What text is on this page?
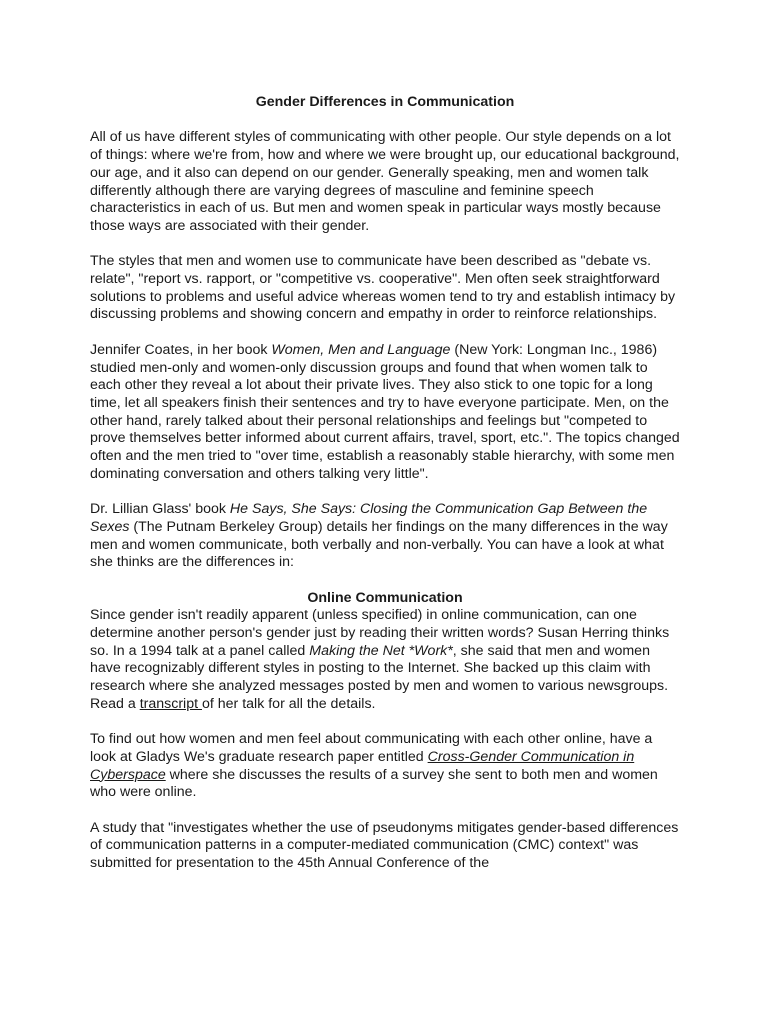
Gender Differences in Communication

All of us have different styles of communicating with other people. Our style depends on a lot of things: where we're from, how and where we were brought up, our educational background, our age, and it also can depend on our gender. Generally speaking, men and women talk differently although there are varying degrees of masculine and feminine speech characteristics in each of us. But men and women speak in particular ways mostly because those ways are associated with their gender.

The styles that men and women use to communicate have been described as "debate vs. relate", "report vs. rapport, or "competitive vs. cooperative". Men often seek straightforward solutions to problems and useful advice whereas women tend to try and establish intimacy by discussing problems and showing concern and empathy in order to reinforce relationships.

Jennifer Coates, in her book Women, Men and Language (New York: Longman Inc., 1986) studied men-only and women-only discussion groups and found that when women talk to each other they reveal a lot about their private lives. They also stick to one topic for a long time, let all speakers finish their sentences and try to have everyone participate. Men, on the other hand, rarely talked about their personal relationships and feelings but "competed to prove themselves better informed about current affairs, travel, sport, etc.". The topics changed often and the men tried to "over time, establish a reasonably stable hierarchy, with some men dominating conversation and others talking very little".

Dr. Lillian Glass' book He Says, She Says: Closing the Communication Gap Between the Sexes (The Putnam Berkeley Group) details her findings on the many differences in the way men and women communicate, both verbally and non-verbally. You can have a look at what she thinks are the differences in:

Online Communication

Since gender isn't readily apparent (unless specified) in online communication, can one determine another person's gender just by reading their written words? Susan Herring thinks so. In a 1994 talk at a panel called Making the Net *Work*, she said that men and women have recognizably different styles in posting to the Internet. She backed up this claim with research where she analyzed messages posted by men and women to various newsgroups. Read a transcript of her talk for all the details.

To find out how women and men feel about communicating with each other online, have a look at Gladys We's graduate research paper entitled Cross-Gender Communication in Cyberspace where she discusses the results of a survey she sent to both men and women who were online.

A study that "investigates whether the use of pseudonyms mitigates gender-based differences of communication patterns in a computer-mediated communication (CMC) context" was submitted for presentation to the 45th Annual Conference of the
